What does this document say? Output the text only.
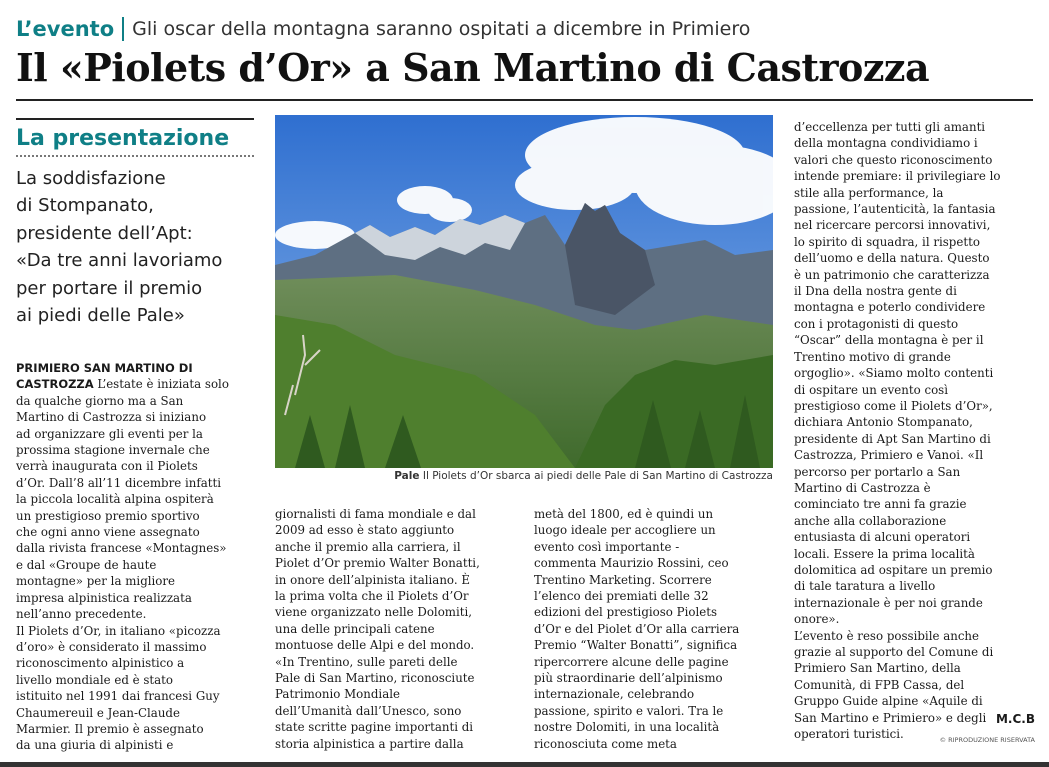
L’evento Gli oscar della montagna saranno ospitati a dicembre in Primiero
Il «Piolets d’Or» a San Martino di Castrozza
La presentazione
La soddisfazione
di Stompanato,
presidente dell’Apt:
«Da tre anni lavoriamo
per portare il premio
ai piedi delle Pale»

PRIMIERO SAN MARTINO DI CASTROZZA L’estate è iniziata solo
da qualche giorno ma a San
Martino di Castrozza si iniziano
ad organizzare gli eventi per la
prossima stagione invernale che
verrà inaugurata con il Piolets
d’Or. Dall’8 all’11 dicembre infatti
la piccola località alpina ospiterà
un prestigioso premio sportivo
che ogni anno viene assegnato
dalla rivista francese «Montagnes»
e dal «Groupe de haute
montagne» per la migliore
impresa alpinistica realizzata
nell’anno precedente.
Il Piolets d’Or, in italiano «picozza
d’oro» è considerato il massimo
riconoscimento alpinistico a
livello mondiale ed è stato
istituito nel 1991 dai francesi Guy
Chaumereuil e Jean-Claude
Marmier. Il premio è assegnato
da una giuria di alpinisti e

Pale Il Piolets d’Or sbarca ai piedi delle Pale di San Martino di Castrozza

giornalisti di fama mondiale e dal
2009 ad esso è stato aggiunto
anche il premio alla carriera, il
Piolet d’Or premio Walter Bonatti,
in onore dell’alpinista italiano. È
la prima volta che il Piolets d’Or
viene organizzato nelle Dolomiti,
una delle principali catene
montuose delle Alpi e del mondo.
«In Trentino, sulle pareti delle
Pale di San Martino, riconosciute
Patrimonio Mondiale
dell’Umanità dall’Unesco, sono
state scritte pagine importanti di
storia alpinistica a partire dalla

metà del 1800, ed è quindi un
luogo ideale per accogliere un
evento così importante -
commenta Maurizio Rossini, ceo
Trentino Marketing. Scorrere
l’elenco dei premiati delle 32
edizioni del prestigioso Piolets
d’Or e del Piolet d’Or alla carriera
Premio “Walter Bonatti”, significa
ripercorrere alcune delle pagine
più straordinarie dell’alpinismo
internazionale, celebrando
passione, spirito e valori. Tra le
nostre Dolomiti, in una località
riconosciuta come meta

d’eccellenza per tutti gli amanti
della montagna condividiamo i
valori che questo riconoscimento
intende premiare: il privilegiare lo
stile alla performance, la
passione, l’autenticità, la fantasia
nel ricercare percorsi innovativi,
lo spirito di squadra, il rispetto
dell’uomo e della natura. Questo
è un patrimonio che caratterizza
il Dna della nostra gente di
montagna e poterlo condividere
con i protagonisti di questo
“Oscar” della montagna è per il
Trentino motivo di grande
orgoglio». «Siamo molto contenti
di ospitare un evento così
prestigioso come il Piolets d’Or»,
dichiara Antonio Stompanato,
presidente di Apt San Martino di
Castrozza, Primiero e Vanoi. «Il
percorso per portarlo a San
Martino di Castrozza è
cominciato tre anni fa grazie
anche alla collaborazione
entusiasta di alcuni operatori
locali. Essere la prima località
dolomitica ad ospitare un premio
di tale taratura a livello
internazionale è per noi grande
onore».
L’evento è reso possibile anche
grazie al supporto del Comune di
Primiero San Martino, della
Comunità, di FPB Cassa, del
Gruppo Guide alpine «Aquile di
San Martino e Primiero» e degli
operatori turistici.

M.C.B
© RIPRODUZIONE RISERVATA
